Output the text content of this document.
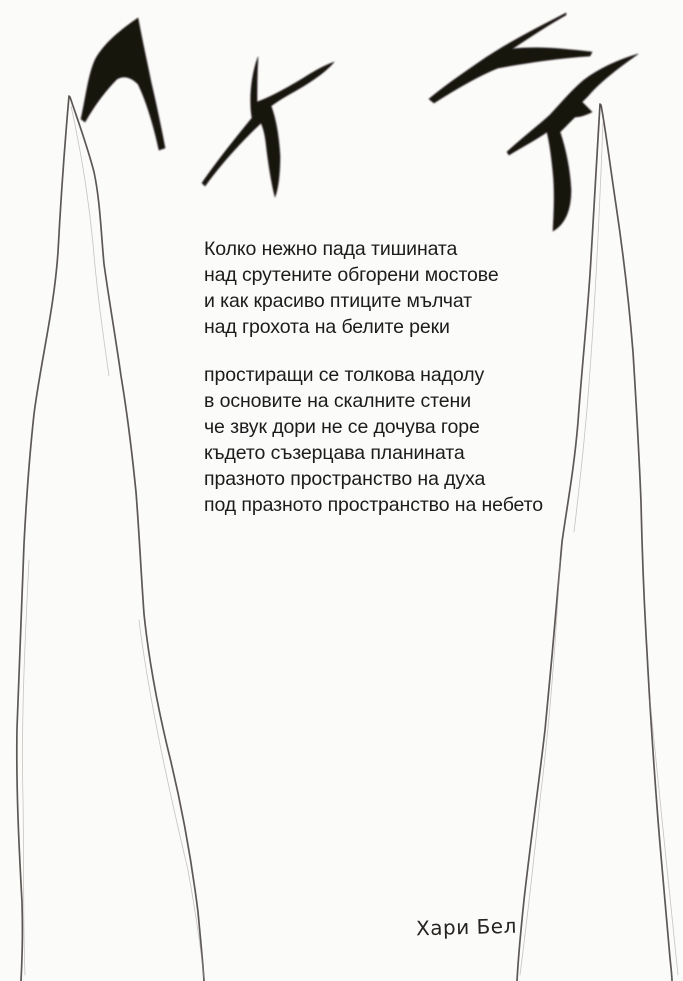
Колко нежно пада тишината
над срутените обгорени мостове
и как красиво птиците мълчат
над грохота на белите реки
простиращи се толкова надолу
в основите на скалните стени
че звук дори не се дочува горе
където съзерцава планината
празното пространство на духа
под празното пространство на небето
Хари Бел
